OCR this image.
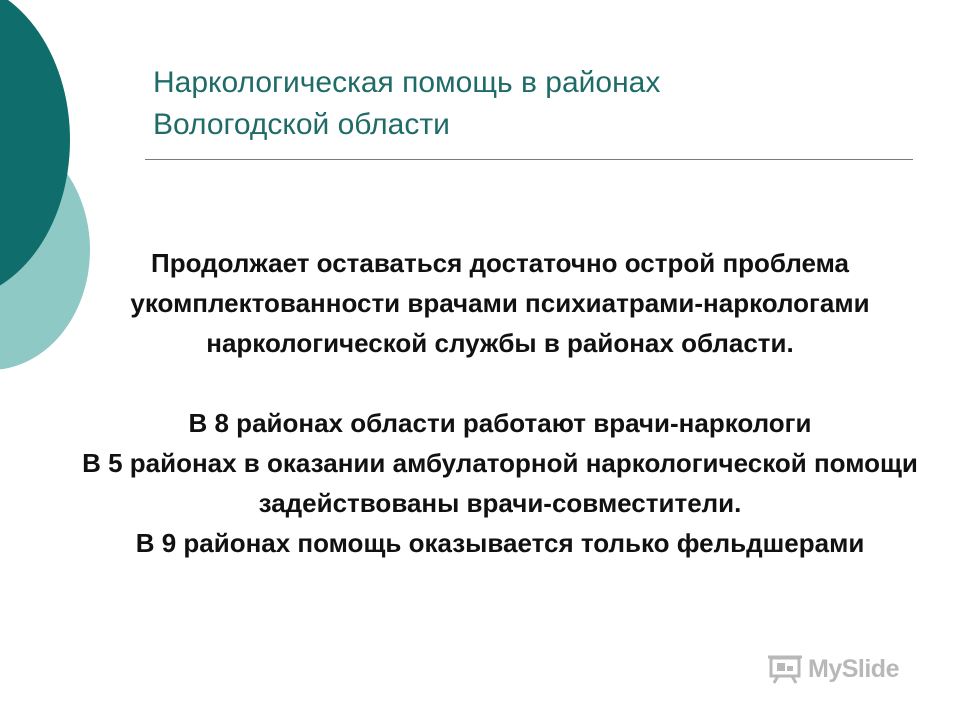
Наркологическая помощь в районах
Вологодской области

Продолжает оставаться достаточно острой проблема укомплектованности врачами психиатрами-наркологами наркологической службы в районах области.

В 8 районах области работают врачи-наркологи

В 5 районах в оказании амбулаторной наркологической помощи задействованы врачи-совместители.

В 9 районах помощь оказывается только фельдшерами

MySlide
